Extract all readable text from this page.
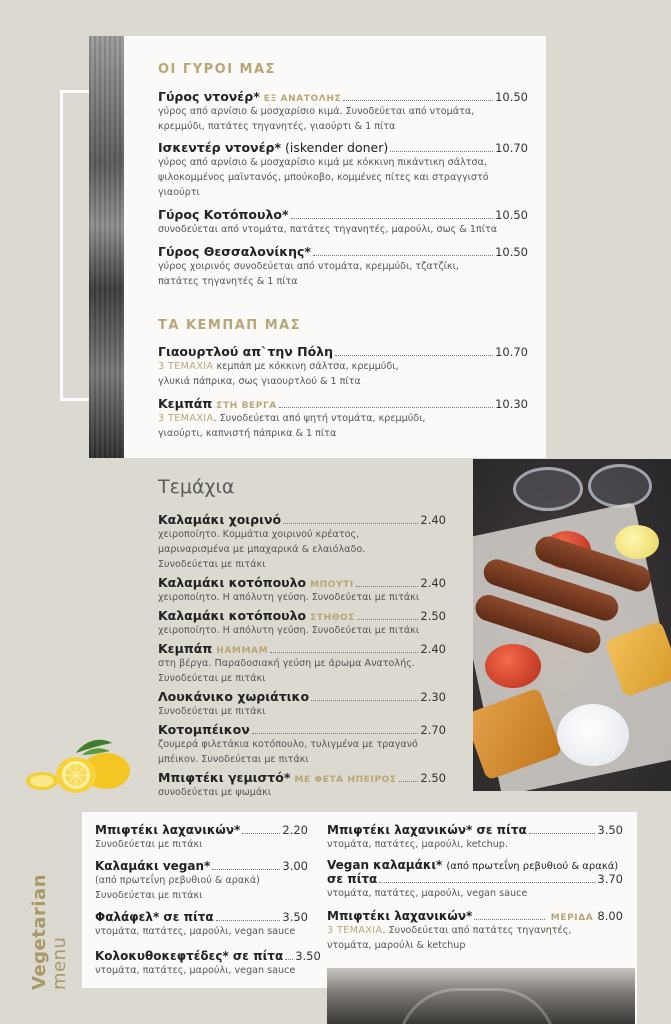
ΟΙ ΓΥΡΟΙ ΜΑΣ
Γύρος ντονέρ* ΕΞ ΑΝΑΤΟΛΗΣ	10.50
γύρος από αρνίσιο & μοσχαρίσιο κιμά. Συνοδεύεται από ντομάτα,
κρεμμύδι, πατάτες τηγανητές, γιαούρτι & 1 πίτα
Ισκεντέρ ντονέρ* (iskender doner)	10.70
γύρος από αρνίσιο & μοσχαρίσιο κιμά με κόκκινη πικάντικη σάλτσα,
ψιλοκομμένος μαϊντανός, μπούκοβο, κομμένες πίτες και στραγγιστό
γιαούρτι
Γύρος Κοτόπουλο*	10.50
συνοδεύεται από ντομάτα, πατάτες τηγανητές, μαρούλι, σως & 1πίτα
Γύρος Θεσσαλονίκης*	10.50
γύρος χοιρινός συνοδεύεται από ντομάτα, κρεμμύδι, τζατζίκι,
πατάτες τηγανητές & 1 πίτα
ΤΑ ΚΕΜΠΑΠ ΜΑΣ
Γιαουρτλού απ`την Πόλη	10.70
3 ΤΕΜΑΧΙΑ κεμπάπ με κόκκινη σάλτσα, κρεμμύδι,
γλυκιά πάπρικα, σως γιαουρτλού & 1 πίτα
Κεμπάπ ΣΤΗ ΒΕΡΓΑ	10.30
3 ΤΕΜΑΧΙΑ. Συνοδεύεται από ψητή ντομάτα, κρεμμύδι,
γιαούρτι, καπνιστή πάπρικα & 1 πίτα
Τεμάχια
Καλαμάκι χοιρινό	2.40
χειροποίητο. Κομμάτια χοιρινού κρέατος,
μαριναρισμένα με μπαχαρικά & ελαιόλαδο.
Συνοδεύεται με πιτάκι
Καλαμάκι κοτόπουλο ΜΠΟΥΤΙ	2.40
χειροποίητο. Η απόλυτη γεύση. Συνοδεύεται με πιτάκι
Καλαμάκι κοτόπουλο ΣΤΗΘΟΣ	2.50
χειροποίητο. Η απόλυτη γεύση. Συνοδεύεται με πιτάκι
Κεμπάπ ΗΑΜΜΑΜ	2.40
στη βέργα. Παραδοσιακή γεύση με άρωμα Ανατολής.
Συνοδεύεται με πιτάκι
Λουκάνικο χωριάτικο	2.30
Συνοδεύεται με πιτάκι
Κοτομπέικον	2.70
ζουμερά φιλετάκια κοτόπουλο, τυλιγμένα με τραγανό
μπέικον. Συνοδεύεται με πιτάκι
Μπιφτέκι γεμιστό* ΜΕ ΦΕΤΑ ΗΠΕΙΡΟΣ 2.50
συνοδεύεται με ψωμάκι
Vegetarian menu
Μπιφτέκι λαχανικών*	2.20
Συνοδεύεται με πιτάκι
Καλαμάκι vegan*	3.00
(από πρωτεΐνη ρεβυθιού & αρακά)
Συνοδεύεται με πιτάκι
Φαλάφελ* σε πίτα	3.50
ντομάτα, πατάτες, μαρούλι, vegan sauce
Κολοκυθοκεφτέδες* σε πίτα 3.50
ντομάτα, πατάτες, μαρούλι, vegan sauce
Μπιφτέκι λαχανικών* σε πίτα	3.50
ντομάτα, πατάτες, μαρούλι, ketchup.
Vegan καλαμάκι* (από πρωτεΐνη ρεβυθιού & αρακά)
σε πίτα	3.70
ντομάτα, πατάτες, μαρούλι, vegan sauce
Μπιφτέκι λαχανικών*	ΜΕΡΙΔΑ 8.00
3 ΤΕΜΑΧΙΑ. Συνοδεύεται από πατάτες τηγανητές,
ντομάτα, μαρούλι & ketchup
